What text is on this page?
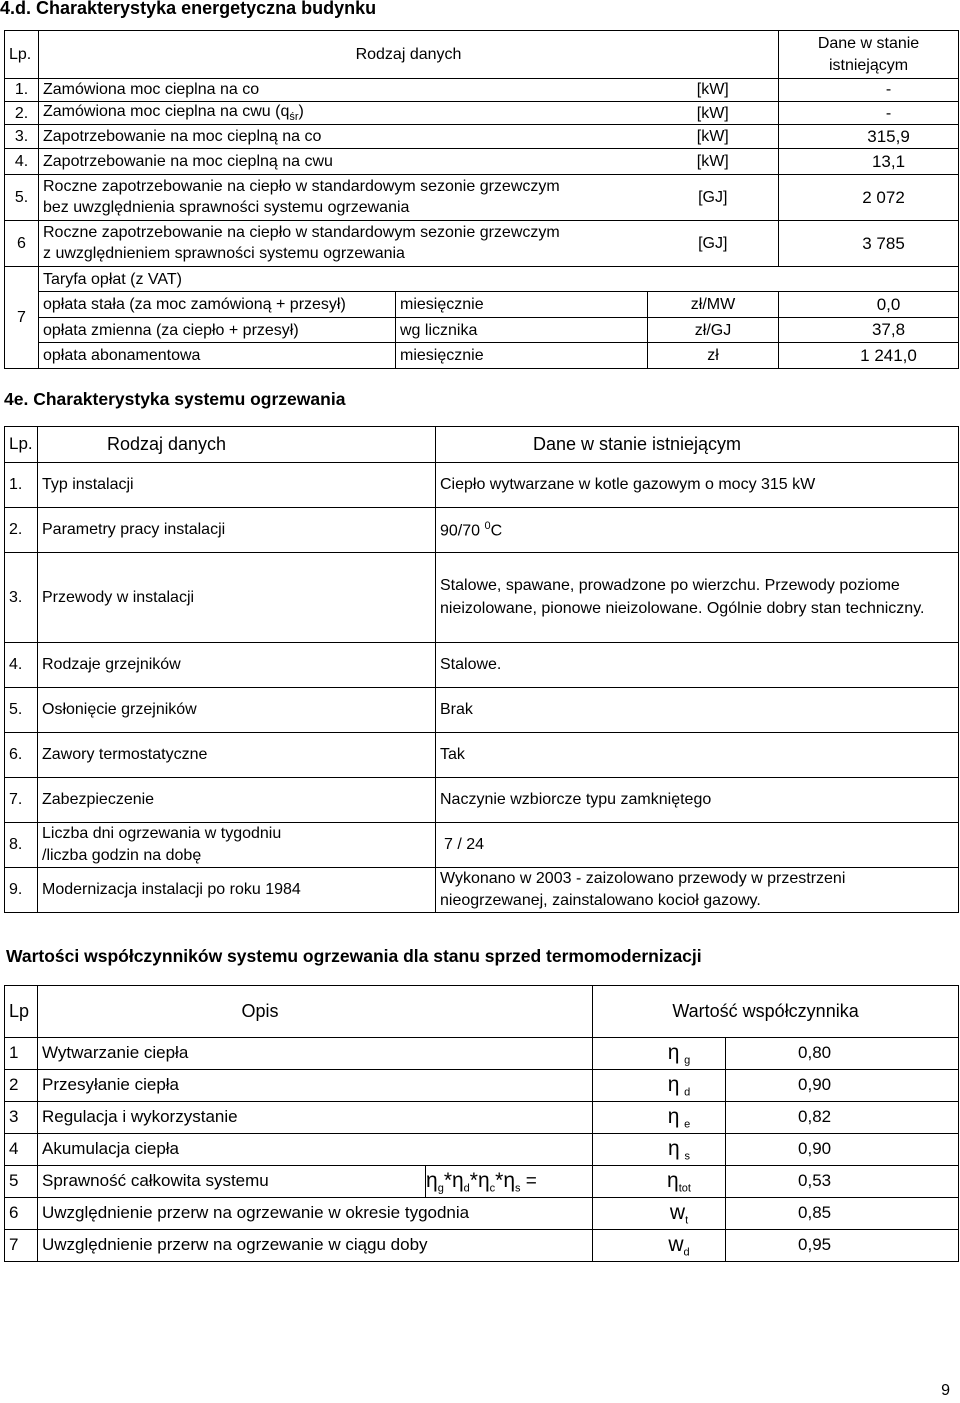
4.d. Charakterystyka energetyczna budynku
Lp.	Rodzaj danych			Dane w stanie istniejącym
1.	Zamówiona moc cieplna na co		[kW]	-
2.	Zamówiona moc cieplna na cwu $(q_{śr})$		[kW]	-
3.	Zapotrzebowanie na moc cieplną na co		[kW]	315,9
4.	Zapotrzebowanie na moc cieplną na cwu		[kW]	13,1
5.	Roczne zapotrzebowanie na ciepło w standardowym sezonie grzewczym
bez uwzględnienia sprawności systemu ogrzewania		[GJ]	2 072
6	Roczne zapotrzebowanie na ciepło w standardowym sezonie grzewczym
z uwzględnieniem sprawności systemu ogrzewania		[GJ]	3 785
7	Taryfa opłat (z VAT)			
	opłata stała (za moc zamówioną + przesył)	miesięcznie	zł/MW	0,0
	opłata zmienna (za ciepło + przesył)	wg licznika	zł/GJ	37,8
	opłata abonamentowa	miesięcznie	zł	1 241,0
4e. Charakterystyka systemu ogrzewania
Lp.	Rodzaj danych	Dane w stanie istniejącym
1.	Typ instalacji	Ciepło wytwarzane w kotle gazowym o mocy 315 kW
2.	Parametry pracy instalacji	90/70 $^0$C
3.	Przewody w instalacji	Stalowe, spawane, prowadzone po wierzchu. Przewody poziome nieizolowane, pionowe nieizolowane. Ogólnie dobry stan techniczny.
4.	Rodzaje grzejników	Stalowe.
5.	Osłonięcie grzejników	Brak
6.	Zawory termostatyczne	Tak
7.	Zabezpieczenie	Naczynie wzbiorcze typu zamkniętego
8.	Liczba dni ogrzewania w tygodniu
/liczba godzin na dobę	7 / 24
9.	Modernizacja instalacji po roku 1984	Wykonano w 2003 - zaizolowano przewody w przestrzeni nieogrzewanej, zainstalowano kocioł gazowy.
Wartości współczynników systemu ogrzewania dla stanu sprzed termomodernizacji
Lp	Opis		Wartość współczynnika	
1	Wytwarzanie ciepła		η $_g$	0,80
2	Przesyłanie ciepła		η $_d$	0,90
3	Regulacja i wykorzystanie		η $_e$	0,82
4	Akumulacja ciepła		η $_s$	0,90
5	Sprawność całkowita systemu	$\eta_g*\eta_d*\eta_c*\eta_s$ =	$\eta_{tot}$	0,53
6	Uwzględnienie przerw na ogrzewanie w okresie tygodnia		$w_t$	0,85
7	Uwzględnienie przerw na ogrzewanie w ciągu doby		$w_d$	0,95
9
